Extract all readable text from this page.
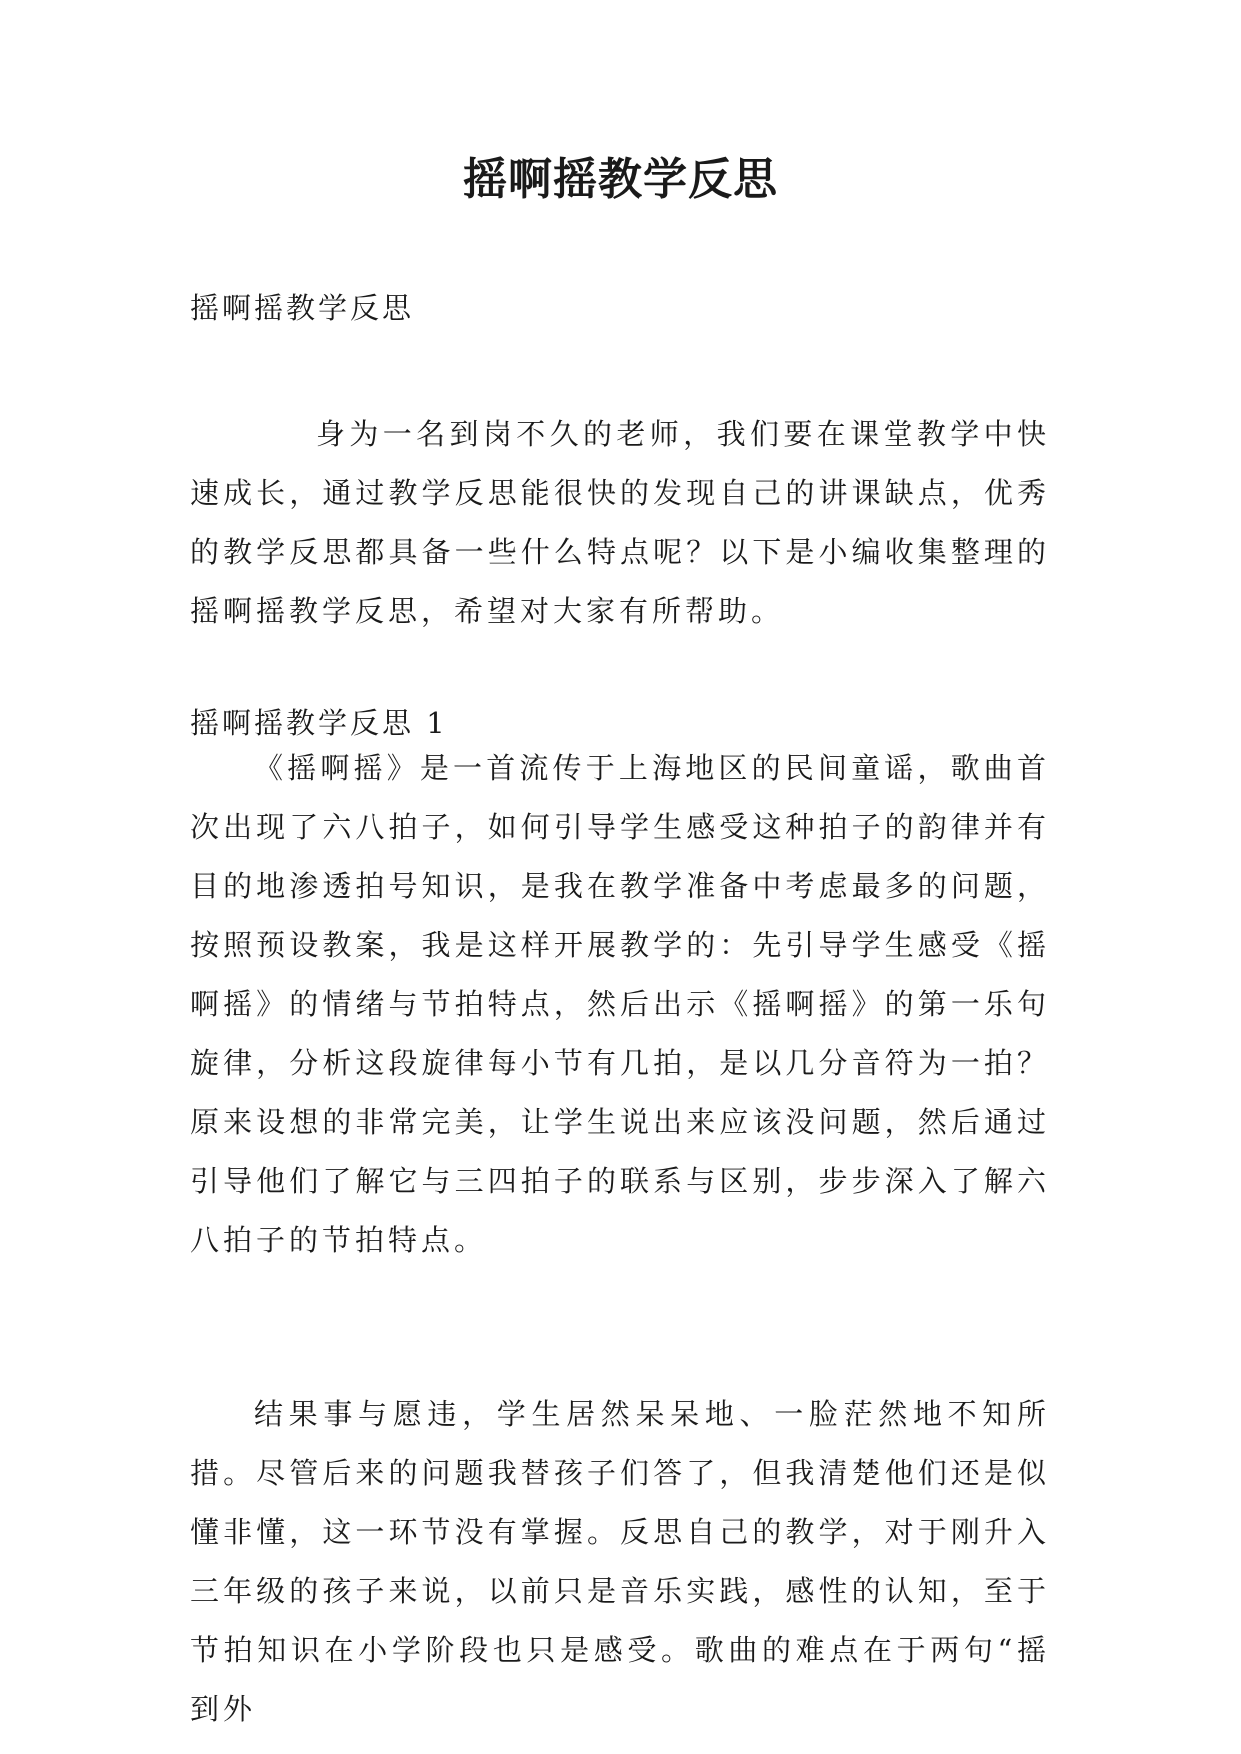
摇啊摇教学反思

摇啊摇教学反思

身为一名到岗不久的老师，我们要在课堂教学中快速成长，通过教学反思能很快的发现自己的讲课缺点，优秀的教学反思都具备一些什么特点呢？以下是小编收集整理的摇啊摇教学反思，希望对大家有所帮助。

摇啊摇教学反思 1

《摇啊摇》是一首流传于上海地区的民间童谣，歌曲首次出现了六八拍子，如何引导学生感受这种拍子的韵律并有目的地渗透拍号知识，是我在教学准备中考虑最多的问题，按照预设教案，我是这样开展教学的：先引导学生感受《摇啊摇》的情绪与节拍特点，然后出示《摇啊摇》的第一乐句旋律，分析这段旋律每小节有几拍，是以几分音符为一拍？原来设想的非常完美，让学生说出来应该没问题，然后通过引导他们了解它与三四拍子的联系与区别，步步深入了解六八拍子的节拍特点。

结果事与愿违，学生居然呆呆地、一脸茫然地不知所措。尽管后来的问题我替孩子们答了，但我清楚他们还是似懂非懂，这一环节没有掌握。反思自己的教学，对于刚升入三年级的孩子来说，以前只是音乐实践，感性的认知，至于节拍知识在小学阶段也只是感受。歌曲的难点在于两句“摇到外
